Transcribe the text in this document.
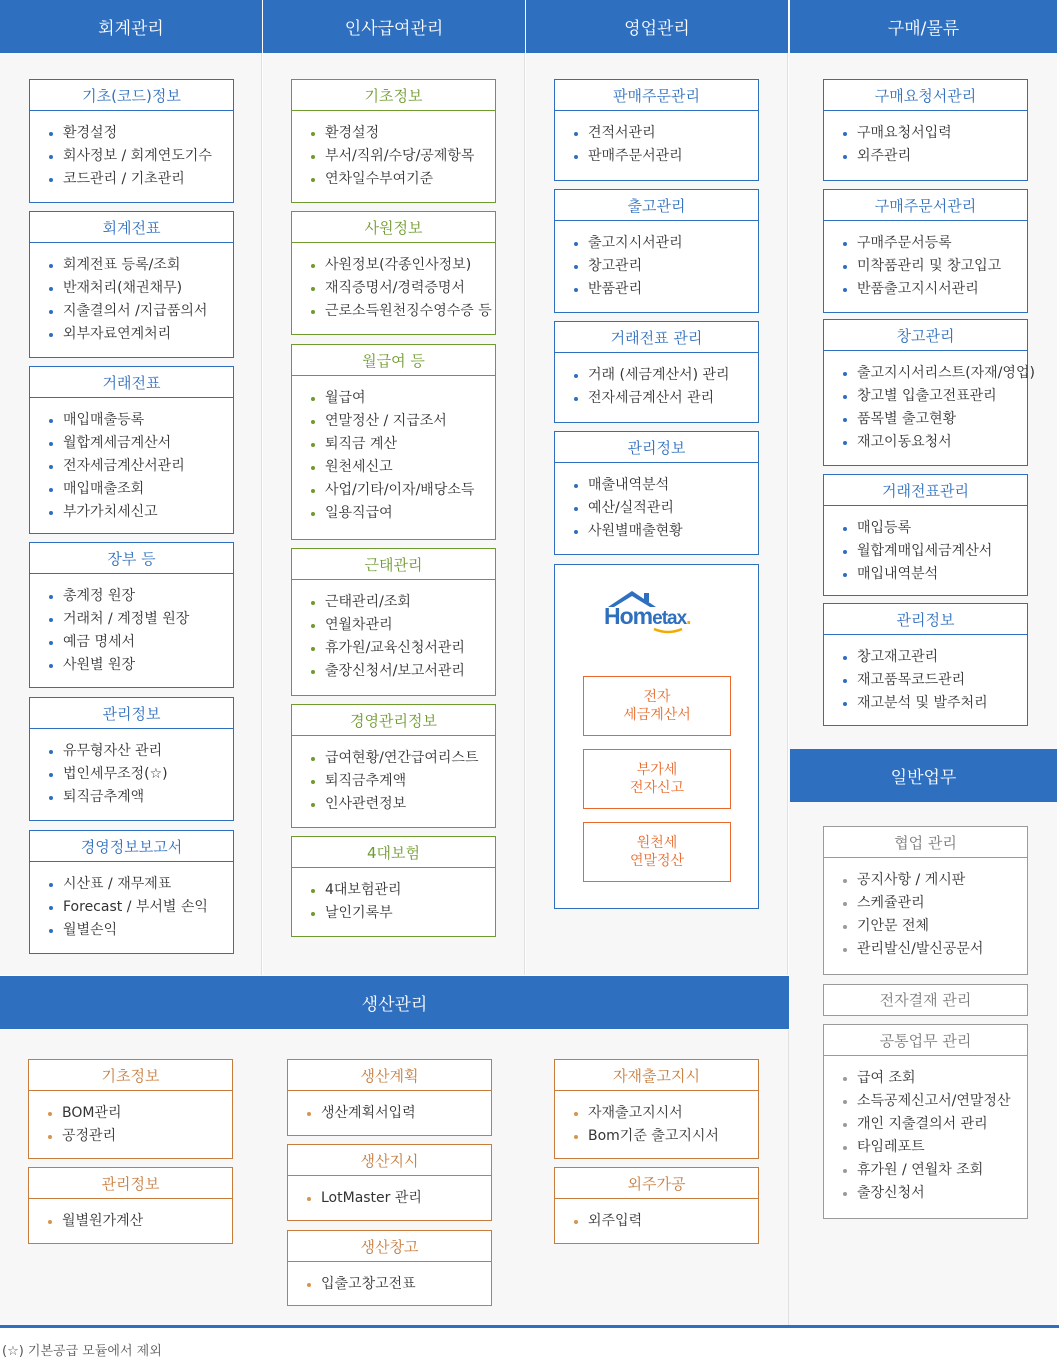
회계관리	인사급여관리	영업관리	구매/물류
일반업무
생산관리
기초(코드)정보
환경설정
회사정보 / 회계연도기수
코드관리 / 기초관리
회계전표
회계전표 등록/조회
반재처리(채권채무)
지출결의서 /지급품의서
외부자료연계처리
거래전표
매입매출등록
월합계세금계산서
전자세금계산서관리
매입매출조회
부가가치세신고
장부 등
총계정 원장
거래처 / 계정별 원장
예금 명세서
사원별 원장
관리정보
유무형자산 관리
법인세무조정(☆)
퇴직금추계액
경영정보보고서
시산표 / 재무제표
Forecast / 부서별 손익
월별손익
기초정보
환경설정
부서/직위/수당/공제항목
연차일수부여기준
사원정보
사원정보(각종인사정보)
재직증명서/경력증명서
근로소득원천징수영수증 등
월급여 등
월급여
연말정산 / 지급조서
퇴직금 계산
원천세신고
사업/기타/이자/배당소득
일용직급여
근태관리
근태관리/조회
연월차관리
휴가원/교육신청서관리
출장신청서/보고서관리
경영관리정보
급여현황/연간급여리스트
퇴직금추계액
인사관련정보
4대보험
4대보험관리
날인기록부
판매주문관리
견적서관리
판매주문서관리
출고관리
출고지시서관리
창고관리
반품관리
거래전표 관리
거래 (세금계산서) 관리
전자세금계산서 관리
관리정보
매출내역분석
예산/실적관리
사원별매출현황
Hometax.
전자
세금계산서
부가세
전자신고
원천세
연말정산
구매요청서관리
구매요청서입력
외주관리
구매주문서관리
구매주문서등록
미착품관리 및 창고입고
반품출고지시서관리
창고관리
출고지시서리스트(자재/영업)
창고별 입출고전표관리
품목별 출고현황
재고이동요청서
거래전표관리
매입등록
월합계매입세금계산서
매입내역분석
관리정보
창고재고관리
재고품목코드관리
재고분석 및 발주처리
협업 관리
공지사항 / 게시판
스케쥴관리
기안문 전체
관리발신/발신공문서
전자결재 관리
공통업무 관리
급여 조회
소득공제신고서/연말정산
개인 지출결의서 관리
타임레포트
휴가원 / 연월차 조회
출장신청서
기초정보
BOM관리
공정관리
관리정보
월별원가계산
생산계획
생산계획서입력
생산지시
LotMaster 관리
생산창고
입출고창고전표
자재출고지시
자재출고지시서
Bom기준 출고지시서
외주가공
외주입력
(☆) 기본공급 모듈에서 제외
